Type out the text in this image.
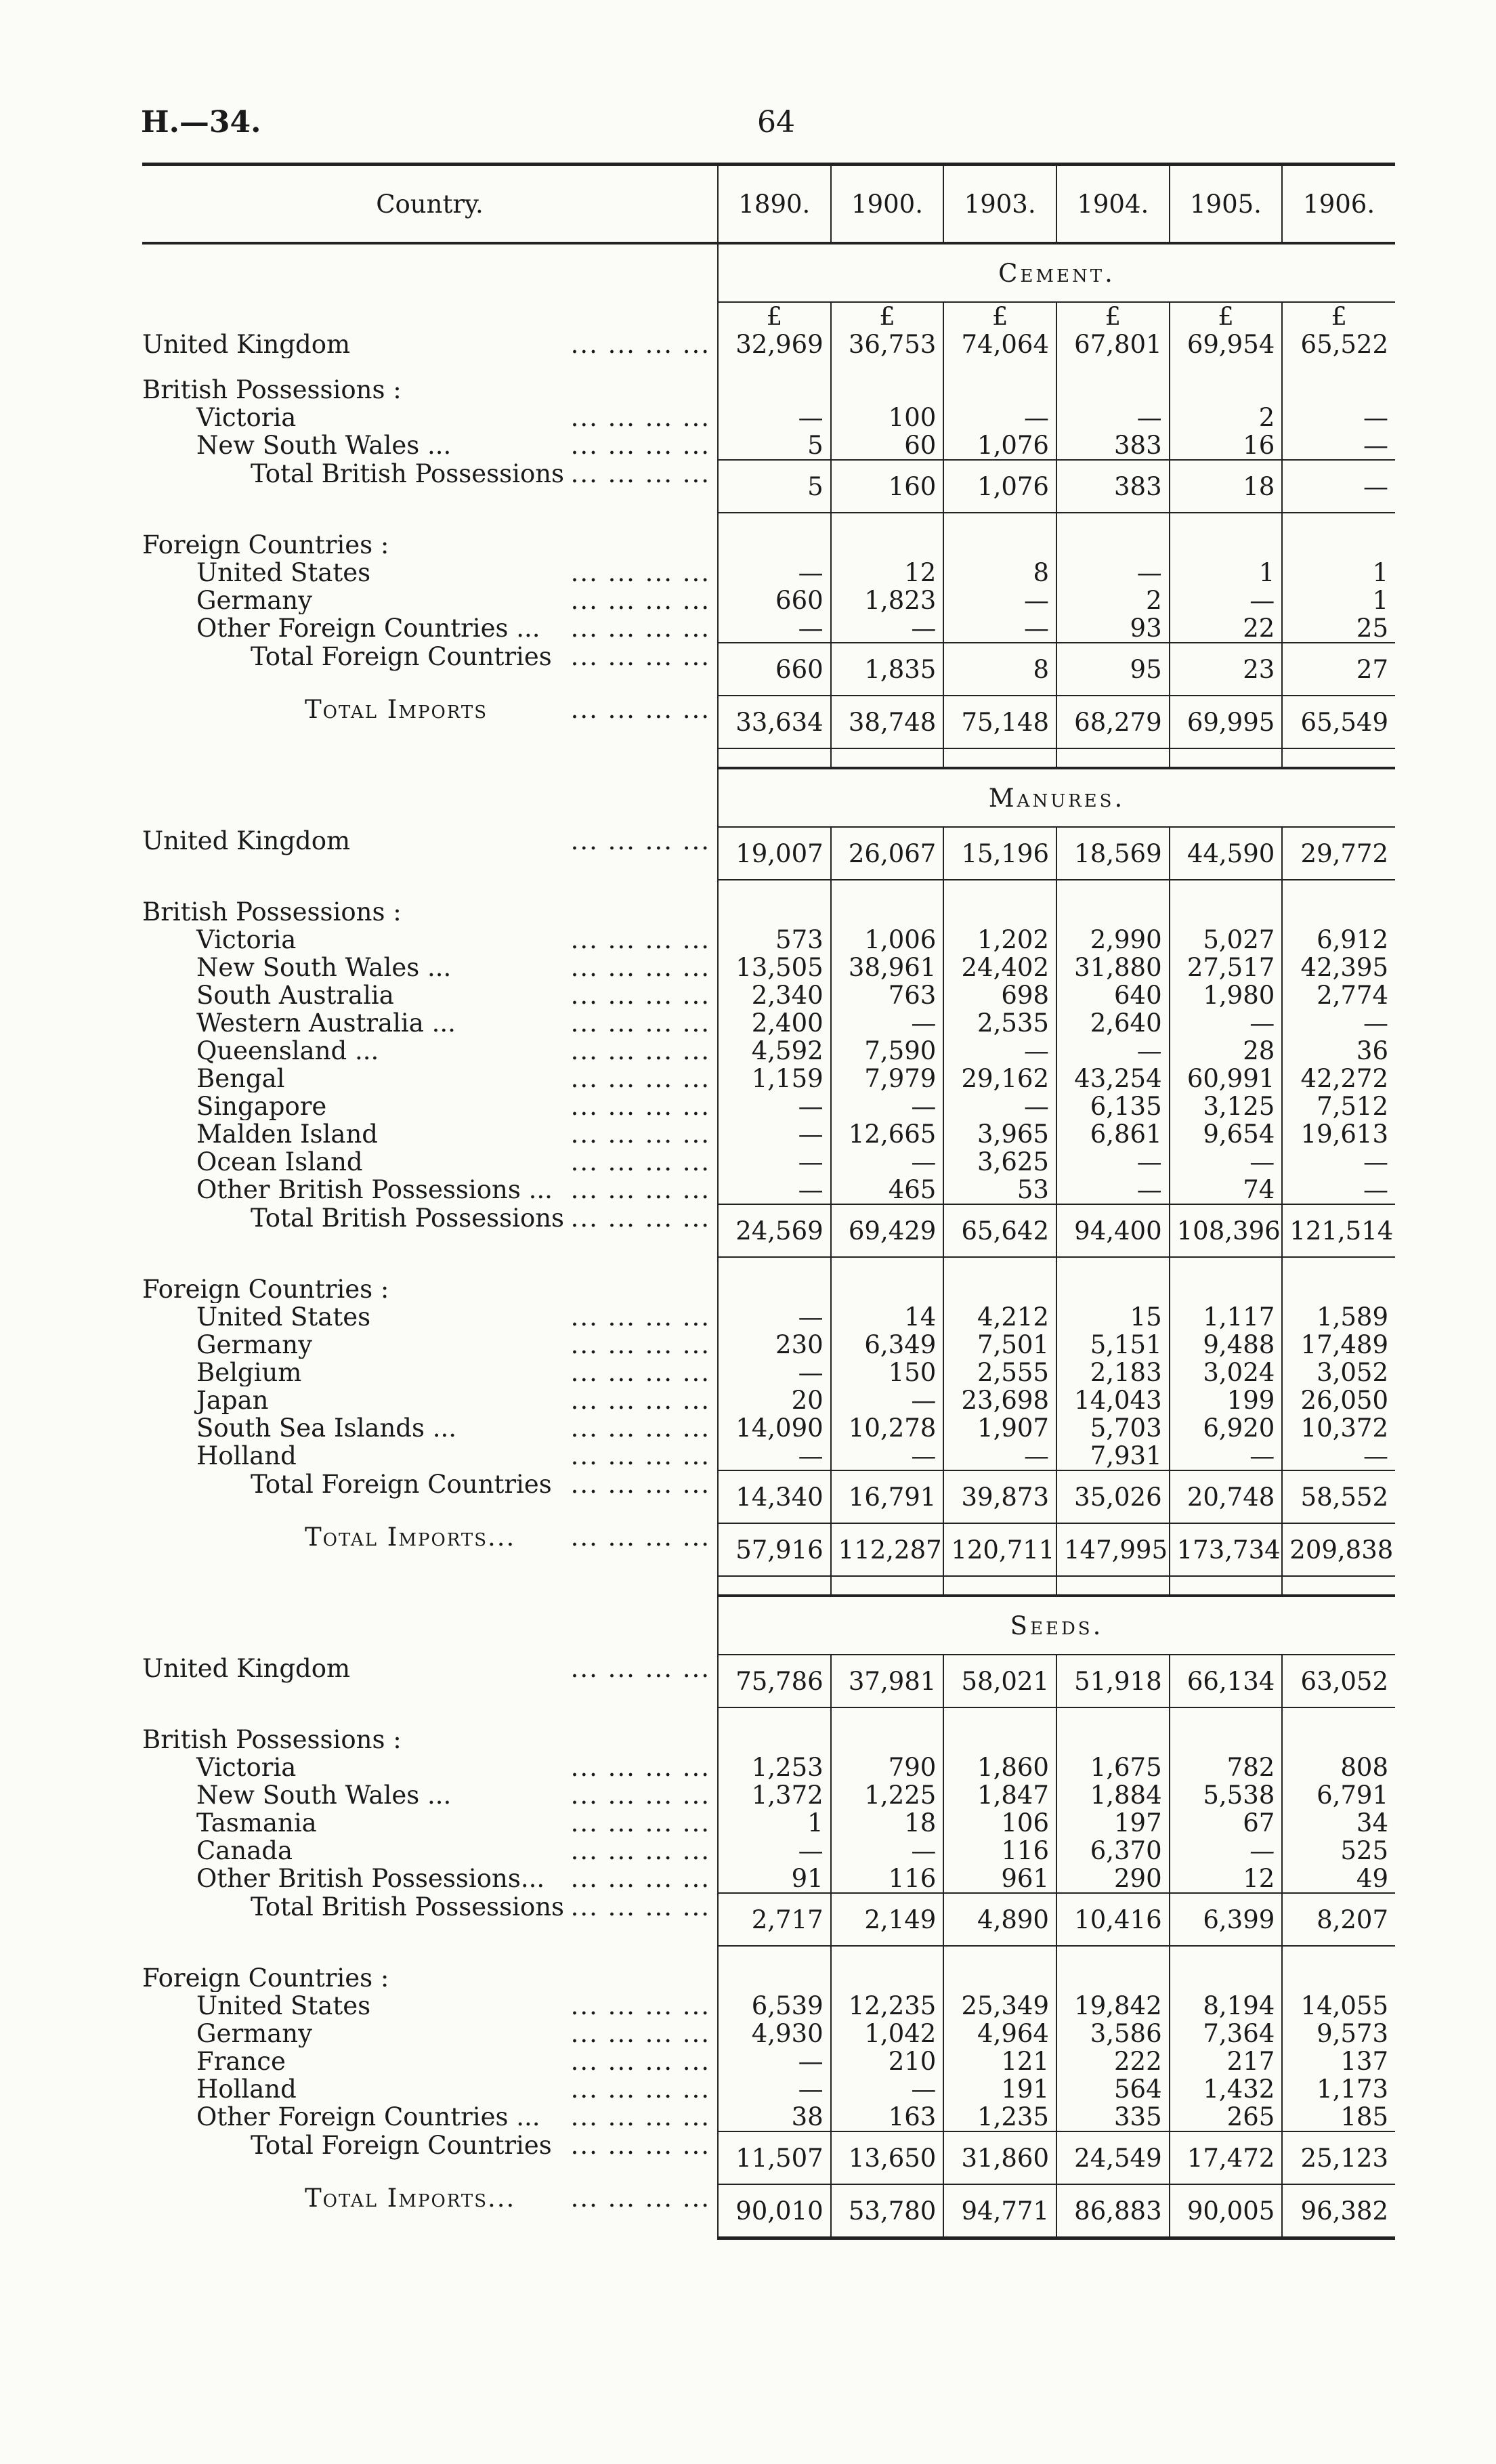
H.—34.	64
Country.	1890.	1900.	1903.	1904.	1905.	1906.
	Cement.					
	£	£	£	£	£	£
United Kingdom ... ... ... ...	32,969	36,753	74,064	67,801	69,954	65,522

British Possessions :						
Victoria ... ... ... ...	—	100	—	—	2	—
New South Wales ... ... ... ... ...	5	60	1,076	383	16	—
Total British Possessions ... ... ... ...	5	160	1,076	383	18	—

Foreign Countries :						
United States ... ... ... ...	—	12	8	—	1	1
Germany ... ... ... ...	660	1,823	—	2	—	1
Other Foreign Countries ... ... ... ... ...	—	—	—	93	22	25
Total Foreign Countries ... ... ... ...	660	1,835	8	95	23	27
Total Imports ... ... ... ...	33,634	38,748	75,148	68,279	69,995	65,549

	Manures.					
United Kingdom ... ... ... ...	19,007	26,067	15,196	18,569	44,590	29,772

British Possessions :						
Victoria ... ... ... ...	573	1,006	1,202	2,990	5,027	6,912
New South Wales ... ... ... ... ...	13,505	38,961	24,402	31,880	27,517	42,395
South Australia ... ... ... ...	2,340	763	698	640	1,980	2,774
Western Australia ... ... ... ... ...	2,400	—	2,535	2,640	—	—
Queensland ... ... ... ... ...	4,592	7,590	—	—	28	36
Bengal ... ... ... ...	1,159	7,979	29,162	43,254	60,991	42,272
Singapore ... ... ... ...	—	—	—	6,135	3,125	7,512
Malden Island ... ... ... ...	—	12,665	3,965	6,861	9,654	19,613
Ocean Island ... ... ... ...	—	—	3,625	—	—	—
Other British Possessions ... ... ... ... ...	—	465	53	—	74	—
Total British Possessions ... ... ... ...	24,569	69,429	65,642	94,400	108,396	121,514

Foreign Countries :						
United States ... ... ... ...	—	14	4,212	15	1,117	1,589
Germany ... ... ... ...	230	6,349	7,501	5,151	9,488	17,489
Belgium ... ... ... ...	—	150	2,555	2,183	3,024	3,052
Japan ... ... ... ...	20	—	23,698	14,043	199	26,050
South Sea Islands ... ... ... ... ...	14,090	10,278	1,907	5,703	6,920	10,372
Holland ... ... ... ...	—	—	—	7,931	—	—
Total Foreign Countries ... ... ... ...	14,340	16,791	39,873	35,026	20,748	58,552
Total Imports... ... ... ... ...	57,916	112,287	120,711	147,995	173,734	209,838

	Seeds.					
United Kingdom ... ... ... ...	75,786	37,981	58,021	51,918	66,134	63,052

British Possessions :						
Victoria ... ... ... ...	1,253	790	1,860	1,675	782	808
New South Wales ... ... ... ... ...	1,372	1,225	1,847	1,884	5,538	6,791
Tasmania ... ... ... ...	1	18	106	197	67	34
Canada ... ... ... ...	—	—	116	6,370	—	525
Other British Possessions... ... ... ... ...	91	116	961	290	12	49
Total British Possessions ... ... ... ...	2,717	2,149	4,890	10,416	6,399	8,207

Foreign Countries :						
United States ... ... ... ...	6,539	12,235	25,349	19,842	8,194	14,055
Germany ... ... ... ...	4,930	1,042	4,964	3,586	7,364	9,573
France ... ... ... ...	—	210	121	222	217	137
Holland ... ... ... ...	—	—	191	564	1,432	1,173
Other Foreign Countries ... ... ... ... ...	38	163	1,235	335	265	185
Total Foreign Countries ... ... ... ...	11,507	13,650	31,860	24,549	17,472	25,123
Total Imports... ... ... ... ...	90,010	53,780	94,771	86,883	90,005	96,382
